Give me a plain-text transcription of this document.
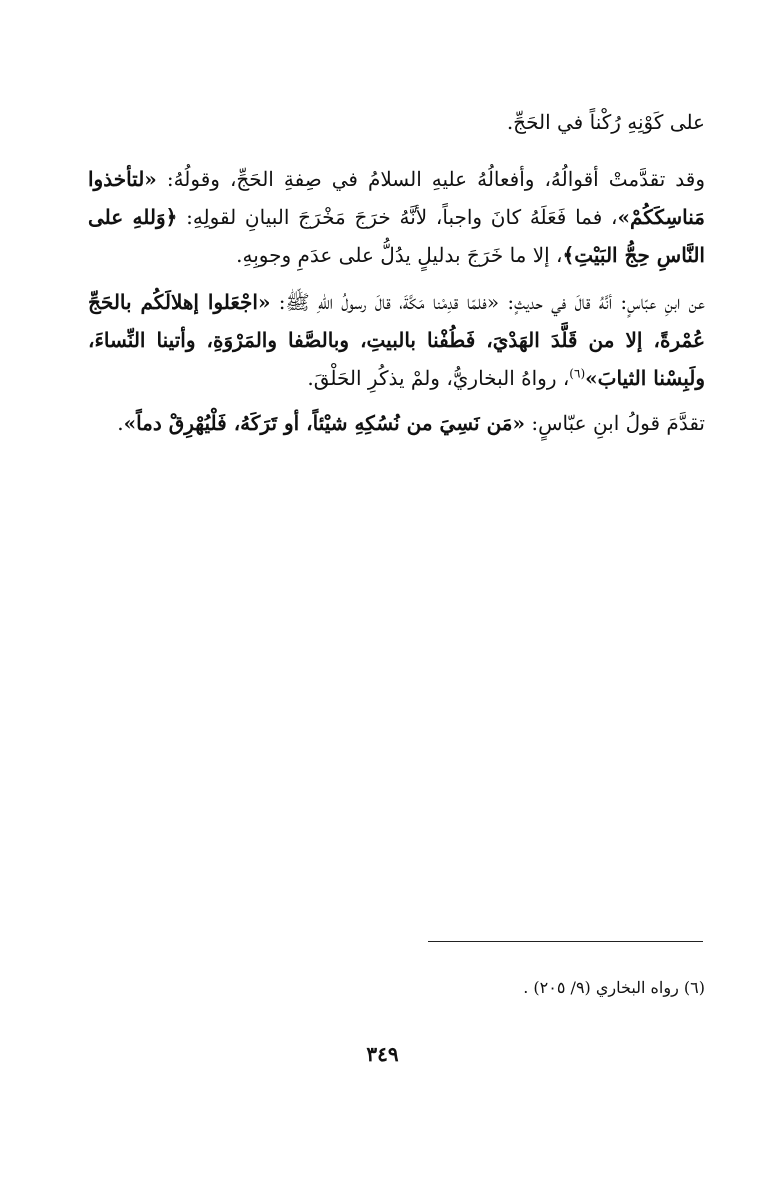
على كَوْنِهِ رُكْناً في الحَجِّ.
وقد تقدَّمتْ أقوالُهُ، وأفعالُهُ عليهِ السلامُ في صِفةِ الحَجِّ، وقولُهُ: «لتأخذوا مَناسِكَكُمْ»، فما فَعَلَهُ كانَ واجباً، لأنَّهُ خرَجَ مَخْرَجَ البيانِ لقولِهِ: ﴿وَللهِ على النَّاسِ حِجُّ البَيْتِ﴾، إلا ما خَرَجَ بدليلٍ يدُلُّ على عدَمِ وجوبِهِ.
عن ابنِ عبّاسٍ: أنَّهُ قالَ في حديثٍ: «فلمّا قدِمْنا مَكَّةَ، قالَ رسولُ اللهِ ﷺ: «اجْعَلوا إهلالَكُم بالحَجِّ عُمْرةً، إلا من قَلَّدَ الهَدْيَ، فَطُفْنا بالبيتِ، وبالصَّفا والمَرْوَةِ، وأتينا النِّساءَ، ولَبِسْنا الثيابَ»$^{(٦)}$، رواهُ البخاريُّ، ولمْ يذكُرِ الحَلْقَ.
تقدَّمَ قولُ ابنِ عبّاسٍ: «مَن نَسِيَ من نُسُكِهِ شيْئاً، أو تَرَكَهُ، فَلْيُهْرِقْ دماً».
(٦) رواه البخاري (٩/ ٢٠٥) .
٣٤٩
